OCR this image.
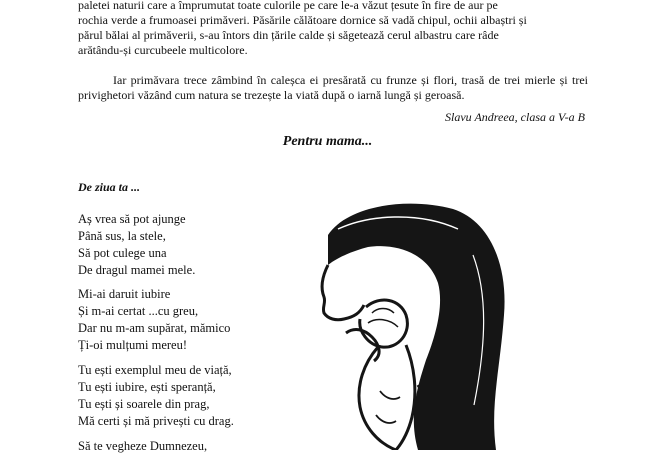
paletei naturii care a împrumutat toate culorile pe care le-a văzut țesute în fire de aur pe
rochia verde a frumoasei primăveri. Păsările călătoare dornice să vadă chipul, ochii albaștri și
părul bălai al primăverii, s-au întors din țările calde și săgetează cerul albastru care râde
arătându-și curcubeele multicolore.

Iar primăvara trece zâmbind în caleșca ei presărată cu frunze și flori, trasă de trei mierle și trei privighetori văzând cum natura se trezește la viată după o iarnă lungă și geroasă.

Slavu Andreea, clasa a V-a B

Pentru mama...
De ziua ta ...
Aș vrea să pot ajunge
Până sus, la stele,
Să pot culege una
De dragul mamei mele.
Mi-ai daruit iubire
Și m-ai certat ...cu greu,
Dar nu m-am supărat, mămico
Ți-oi mulțumi mereu!
Tu ești exemplul meu de viață,
Tu ești iubire, ești speranță,
Tu ești și soarele din prag,
Mă certi și mă privești cu drag.
Să te vegheze Dumnezeu,
